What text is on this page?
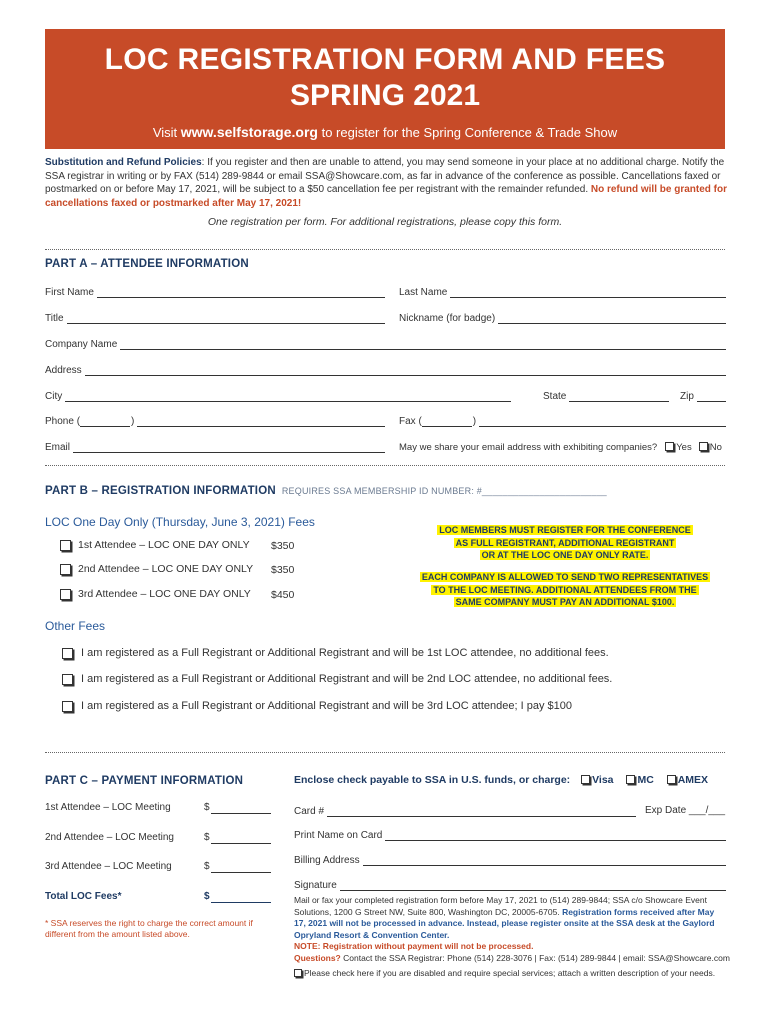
LOC REGISTRATION FORM AND FEES
SPRING 2021
Visit www.selfstorage.org to register for the Spring Conference & Trade Show
Substitution and Refund Policies: If you register and then are unable to attend, you may send someone in your place at no additional charge. Notify the SSA registrar in writing or by FAX (514) 289-9844 or email SSA@Showcare.com, as far in advance of the conference as possible. Cancellations faxed or postmarked on or before May 17, 2021, will be subject to a $50 cancellation fee per registrant with the remainder refunded. No refund will be granted for cancellations faxed or postmarked after May 17, 2021!
One registration per form. For additional registrations, please copy this form.
PART A – ATTENDEE INFORMATION
First Name	Last Name
Title	Nickname (for badge)
Company Name
Address
City	State	Zip
Phone (	)	Fax (	)
Email	May we share your email address with exhibiting companies?	Yes	No
PART B – REGISTRATION INFORMATION REQUIRES SSA MEMBERSHIP ID NUMBER: #________________________
LOC One Day Only (Thursday, June 3, 2021) Fees
1st Attendee – LOC ONE DAY ONLY $350
2nd Attendee – LOC ONE DAY ONLY $350
3rd Attendee – LOC ONE DAY ONLY $450
LOC MEMBERS MUST REGISTER FOR THE CONFERENCE
AS FULL REGISTRANT, ADDITIONAL REGISTRANT
OR AT THE LOC ONE DAY ONLY RATE.
EACH COMPANY IS ALLOWED TO SEND TWO REPRESENTATIVES
TO THE LOC MEETING. ADDITIONAL ATTENDEES FROM THE
SAME COMPANY MUST PAY AN ADDITIONAL $100.
Other Fees
I am registered as a Full Registrant or Additional Registrant and will be 1st LOC attendee, no additional fees.
I am registered as a Full Registrant or Additional Registrant and will be 2nd LOC attendee, no additional fees.
I am registered as a Full Registrant or Additional Registrant and will be 3rd LOC attendee; I pay $100
PART C – PAYMENT INFORMATION	Enclose check payable to SSA in U.S. funds, or charge: Visa MC AMEX
1st Attendee – LOC Meeting	$
2nd Attendee – LOC Meeting	$
3rd Attendee – LOC Meeting	$
Total LOC Fees*	$
* SSA reserves the right to charge the correct amount if different from the amount listed above.
Card #	Exp Date ___/___
Print Name on Card
Billing Address
Signature
Mail or fax your completed registration form before May 17, 2021 to (514) 289-9844; SSA c/o Showcare Event Solutions, 1200 G Street NW, Suite 800, Washington DC, 20005-6705. Registration forms received after May 17, 2021 will not be processed in advance. Instead, please register onsite at the SSA desk at the Gaylord Opryland Resort & Convention Center.
NOTE: Registration without payment will not be processed.
Questions? Contact the SSA Registrar: Phone (514) 228-3076 | Fax: (514) 289-9844 | email: SSA@Showcare.com
Please check here if you are disabled and require special services; attach a written description of your needs.
